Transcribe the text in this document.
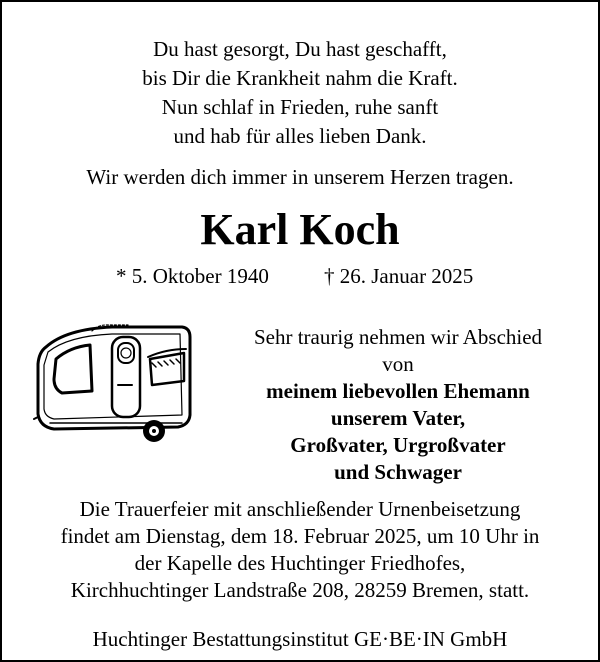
Du hast gesorgt, Du hast geschafft,
bis Dir die Krankheit nahm die Kraft.
Nun schlaf in Frieden, ruhe sanft
und hab für alles lieben Dank.
Wir werden dich immer in unserem Herzen tragen.
Karl Koch
* 5. Oktober 1940	† 26. Januar 2025
Sehr traurig nehmen wir Abschied
von
meinem liebevollen Ehemann
unserem Vater,
Großvater, Urgroßvater
und Schwager
Die Trauerfeier mit anschließender Urnenbeisetzung
findet am Dienstag, dem 18. Februar 2025, um 10 Uhr in
der Kapelle des Huchtinger Friedhofes,
Kirchhuchtinger Landstraße 208, 28259 Bremen, statt.
Huchtinger Bestattungsinstitut GE·BE·IN GmbH
